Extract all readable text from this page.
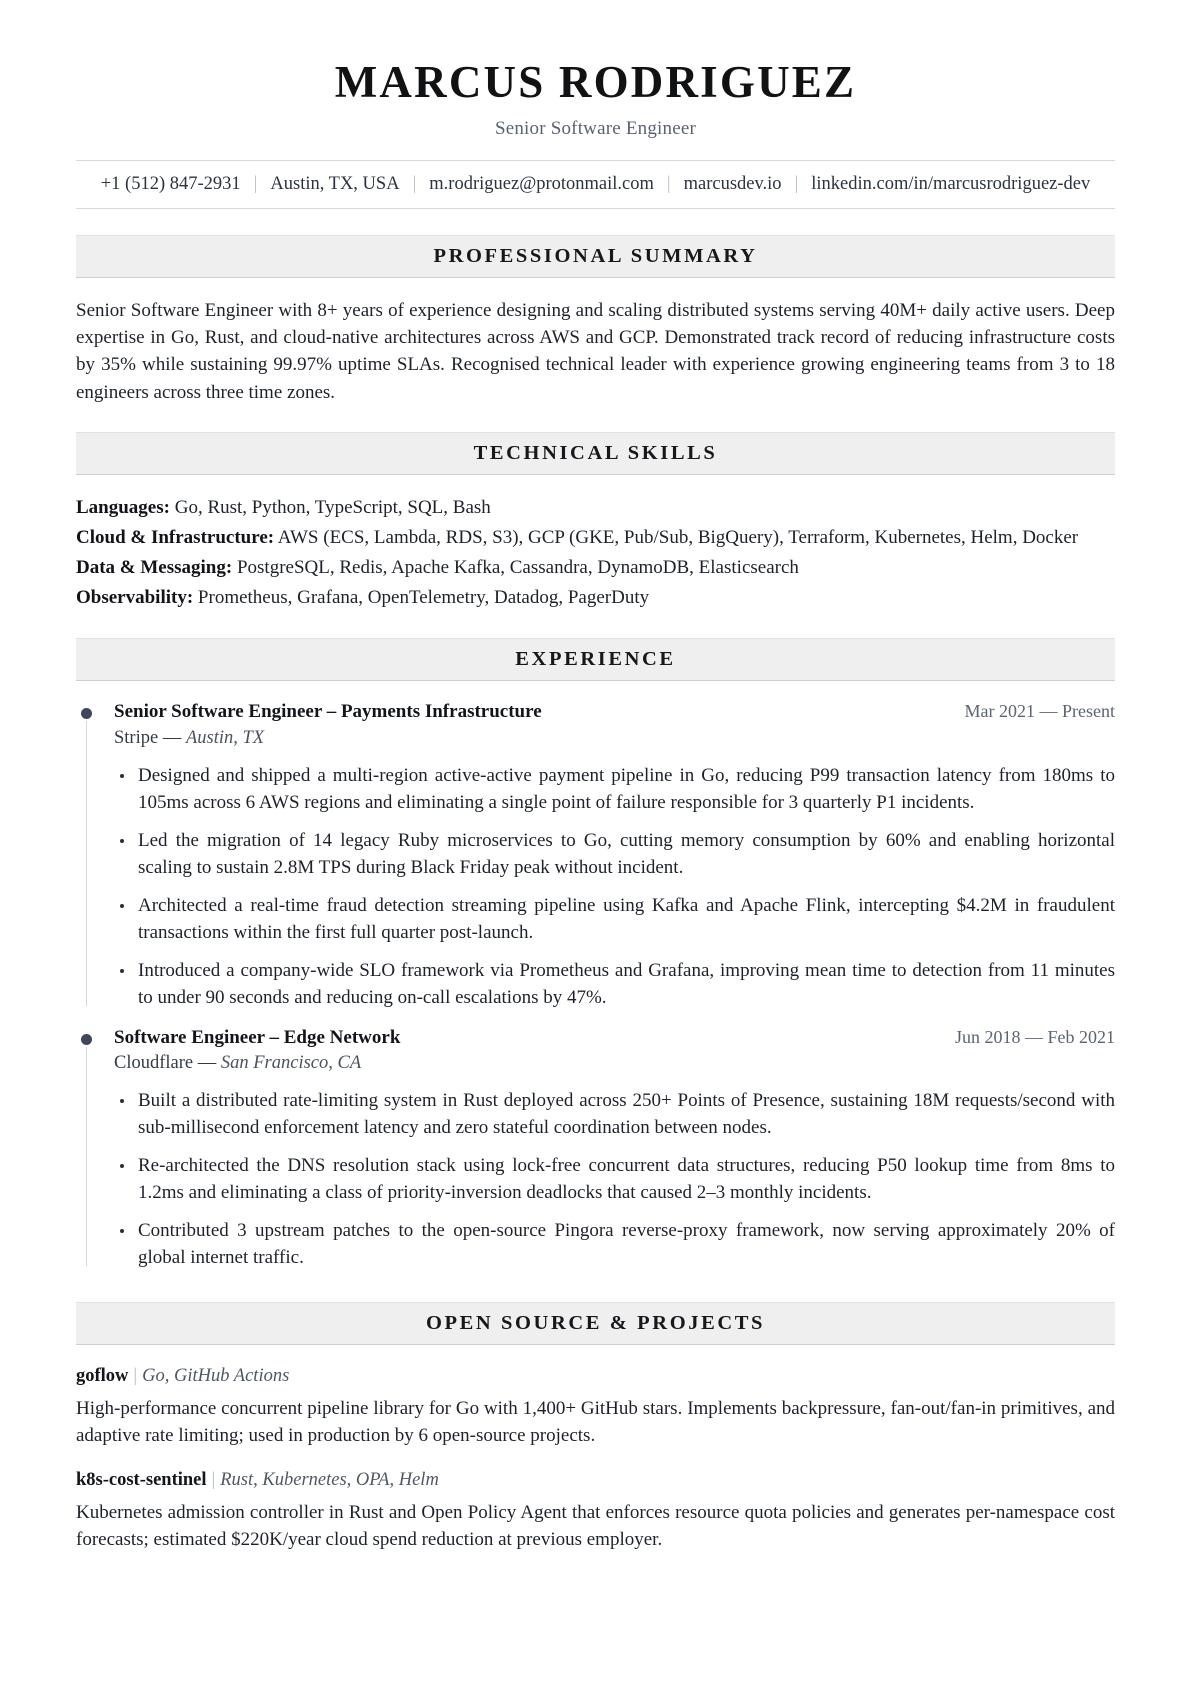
MARCUS RODRIGUEZ
Senior Software Engineer
+1 (512) 847-2931 | Austin, TX, USA | m.rodriguez@protonmail.com | marcusdev.io | linkedin.com/in/marcusrodriguez-dev
PROFESSIONAL SUMMARY

Senior Software Engineer with 8+ years of experience designing and scaling distributed systems serving 40M+ daily active users. Deep expertise in Go, Rust, and cloud-native architectures across AWS and GCP. Demonstrated track record of reducing infrastructure costs by 35% while sustaining 99.97% uptime SLAs. Recognised technical leader with experience growing engineering teams from 3 to 18 engineers across three time zones.

TECHNICAL SKILLS

Languages: Go, Rust, Python, TypeScript, SQL, Bash

Cloud & Infrastructure: AWS (ECS, Lambda, RDS, S3), GCP (GKE, Pub/Sub, BigQuery), Terraform, Kubernetes, Helm, Docker

Data & Messaging: PostgreSQL, Redis, Apache Kafka, Cassandra, DynamoDB, Elasticsearch

Observability: Prometheus, Grafana, OpenTelemetry, Datadog, PagerDuty

EXPERIENCE
Senior Software Engineer – Payments Infrastructure	Mar 2021 — Present
Stripe — Austin, TX
Designed and shipped a multi-region active-active payment pipeline in Go, reducing P99 transaction latency from 180ms to 105ms across 6 AWS regions and eliminating a single point of failure responsible for 3 quarterly P1 incidents.
Led the migration of 14 legacy Ruby microservices to Go, cutting memory consumption by 60% and enabling horizontal scaling to sustain 2.8M TPS during Black Friday peak without incident.
Architected a real-time fraud detection streaming pipeline using Kafka and Apache Flink, intercepting $4.2M in fraudulent transactions within the first full quarter post-launch.
Introduced a company-wide SLO framework via Prometheus and Grafana, improving mean time to detection from 11 minutes to under 90 seconds and reducing on-call escalations by 47%.
Software Engineer – Edge Network	Jun 2018 — Feb 2021
Cloudflare — San Francisco, CA
Built a distributed rate-limiting system in Rust deployed across 250+ Points of Presence, sustaining 18M requests/second with sub-millisecond enforcement latency and zero stateful coordination between nodes.
Re-architected the DNS resolution stack using lock-free concurrent data structures, reducing P50 lookup time from 8ms to 1.2ms and eliminating a class of priority-inversion deadlocks that caused 2–3 monthly incidents.
Contributed 3 upstream patches to the open-source Pingora reverse-proxy framework, now serving approximately 20% of global internet traffic.
OPEN SOURCE & PROJECTS
goflow | Go, GitHub Actions

High-performance concurrent pipeline library for Go with 1,400+ GitHub stars. Implements backpressure, fan-out/fan-in primitives, and adaptive rate limiting; used in production by 6 open-source projects.

k8s-cost-sentinel | Rust, Kubernetes, OPA, Helm

Kubernetes admission controller in Rust and Open Policy Agent that enforces resource quota policies and generates per-namespace cost forecasts; estimated $220K/year cloud spend reduction at previous employer.
